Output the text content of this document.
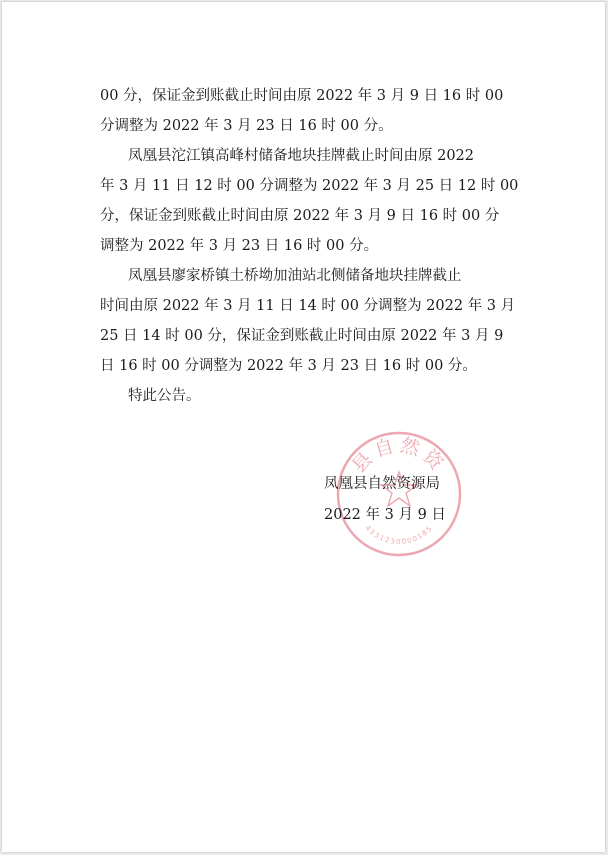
00 分，保证金到账截止时间由原 2022 年 3 月 9 日 16 时 00
分调整为 2022 年 3 月 23 日 16 时 00 分。
凤凰县沱江镇高峰村储备地块挂牌截止时间由原 2022
年 3 月 11 日 12 时 00 分调整为 2022 年 3 月 25 日 12 时 00
分，保证金到账截止时间由原 2022 年 3 月 9 日 16 时 00 分
调整为 2022 年 3 月 23 日 16 时 00 分。
凤凰县廖家桥镇土桥坳加油站北侧储备地块挂牌截止
时间由原 2022 年 3 月 11 日 14 时 00 分调整为 2022 年 3 月
25 日 14 时 00 分，保证金到账截止时间由原 2022 年 3 月 9
日 16 时 00 分调整为 2022 年 3 月 23 日 16 时 00 分。
特此公告。
县自然资
4331230000185
凤凰县自然资源局
2022 年 3 月 9 日
